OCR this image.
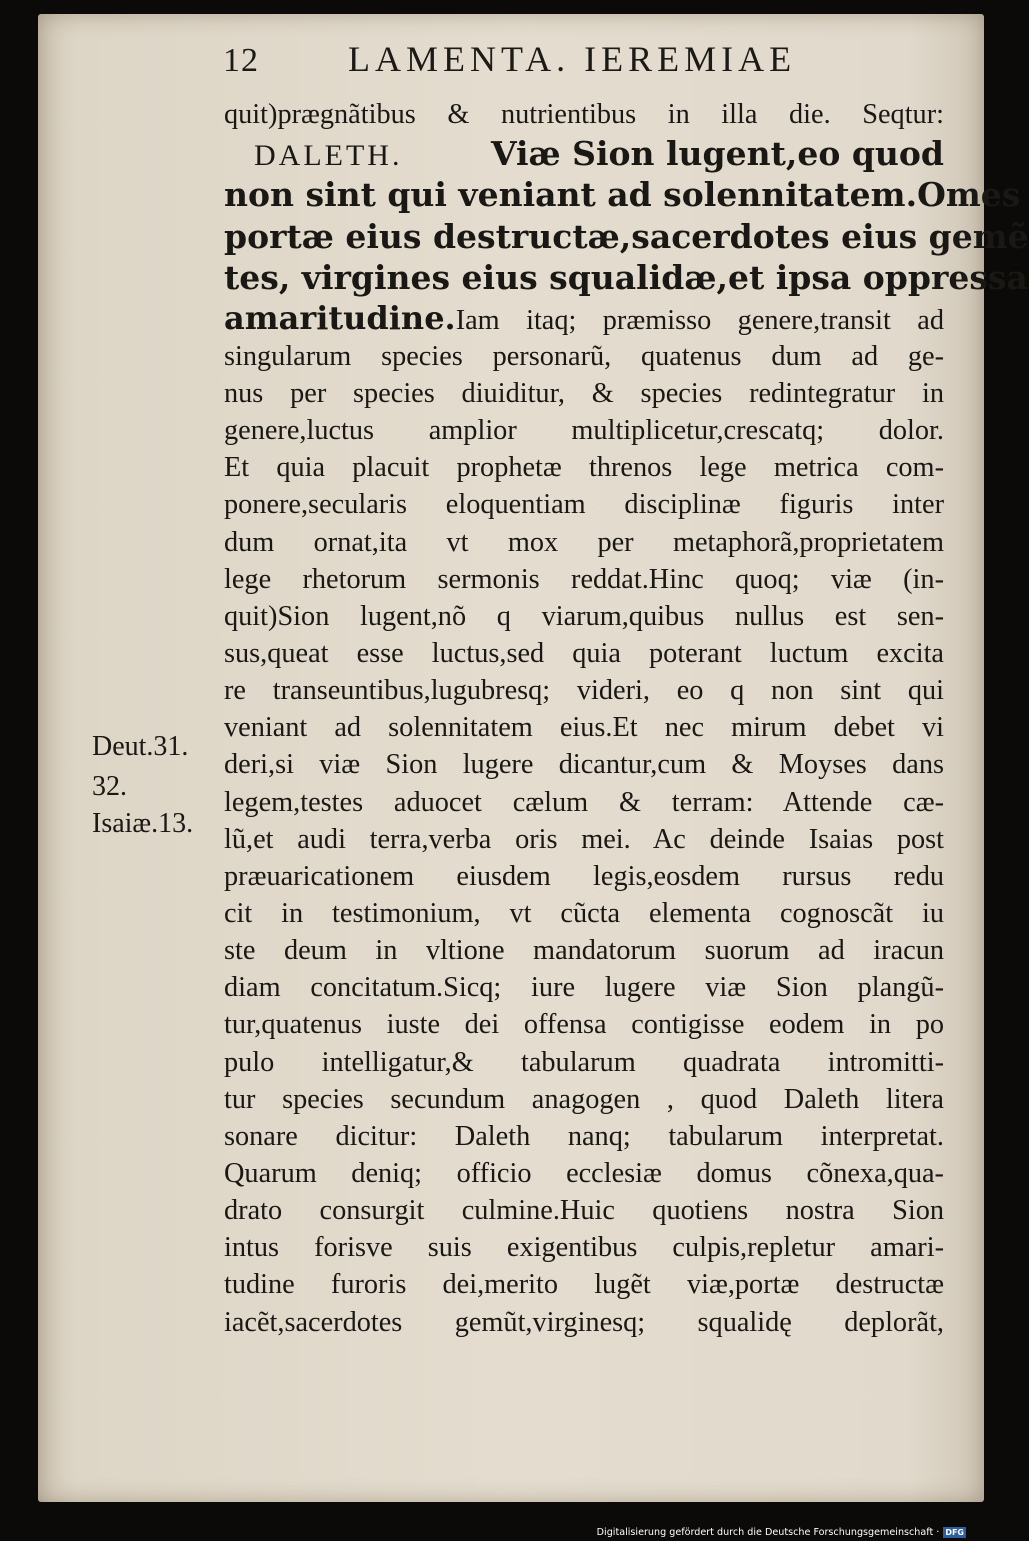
12 LAMENTA. IEREMIAE
quit)prægnãtibus & nutrientibus in illa die. Seqtur:
DALETH.	Viæ Sion lugent,eo quod
non sint qui veniant ad solennitatem.Omes
portæ eius destructæ,sacerdotes eius gemẽ
tes, virgines eius squalidæ,et ipsa oppressa
amaritudine.Iam itaq; præmisso genere,transit ad
singularum species personarũ, quatenus dum ad ge-
nus per species diuiditur, & species redintegratur in
genere,luctus amplior multiplicetur,crescatq; dolor.
Et quia placuit prophetæ threnos lege metrica com-
ponere,secularis eloquentiam disciplinæ figuris inter
dum ornat,ita vt mox per metaphorã,proprietatem
lege rhetorum sermonis reddat.Hinc quoq; viæ (in-
quit)Sion lugent,nõ q viarum,quibus nullus est sen-
sus,queat esse luctus,sed quia poterant luctum excita
re transeuntibus,lugubresq; videri, eo q non sint qui
veniant ad solennitatem eius.Et nec mirum debet vi
deri,si viæ Sion lugere dicantur,cum & Moyses dans
legem,testes aduocet cælum & terram: Attende cæ-
lũ,et audi terra,verba oris mei. Ac deinde Isaias post
præuaricationem eiusdem legis,eosdem rursus redu
cit in testimonium, vt cũcta elementa cognoscãt iu
ste deum in vltione mandatorum suorum ad iracun
diam concitatum.Sicq; iure lugere viæ Sion plangũ-
tur,quatenus iuste dei offensa contigisse eodem in po
pulo intelligatur,& tabularum quadrata intromitti-
tur species secundum anagogen , quod Daleth litera
sonare dicitur: Daleth nanq; tabularum interpretat.
Quarum deniq; officio ecclesiæ domus cõnexa,qua-
drato consurgit culmine.Huic quotiens nostra Sion
intus forisve suis exigentibus culpis,repletur amari-
tudine furoris dei,merito lugẽt viæ,portæ destructæ
iacẽt,sacerdotes gemũt,virginesq; squalidę deplorãt,
Deut.31.
32.
Isaiæ.13.
Digitalisierung gefördert durch die Deutsche Forschungsgemeinschaft · DFG
